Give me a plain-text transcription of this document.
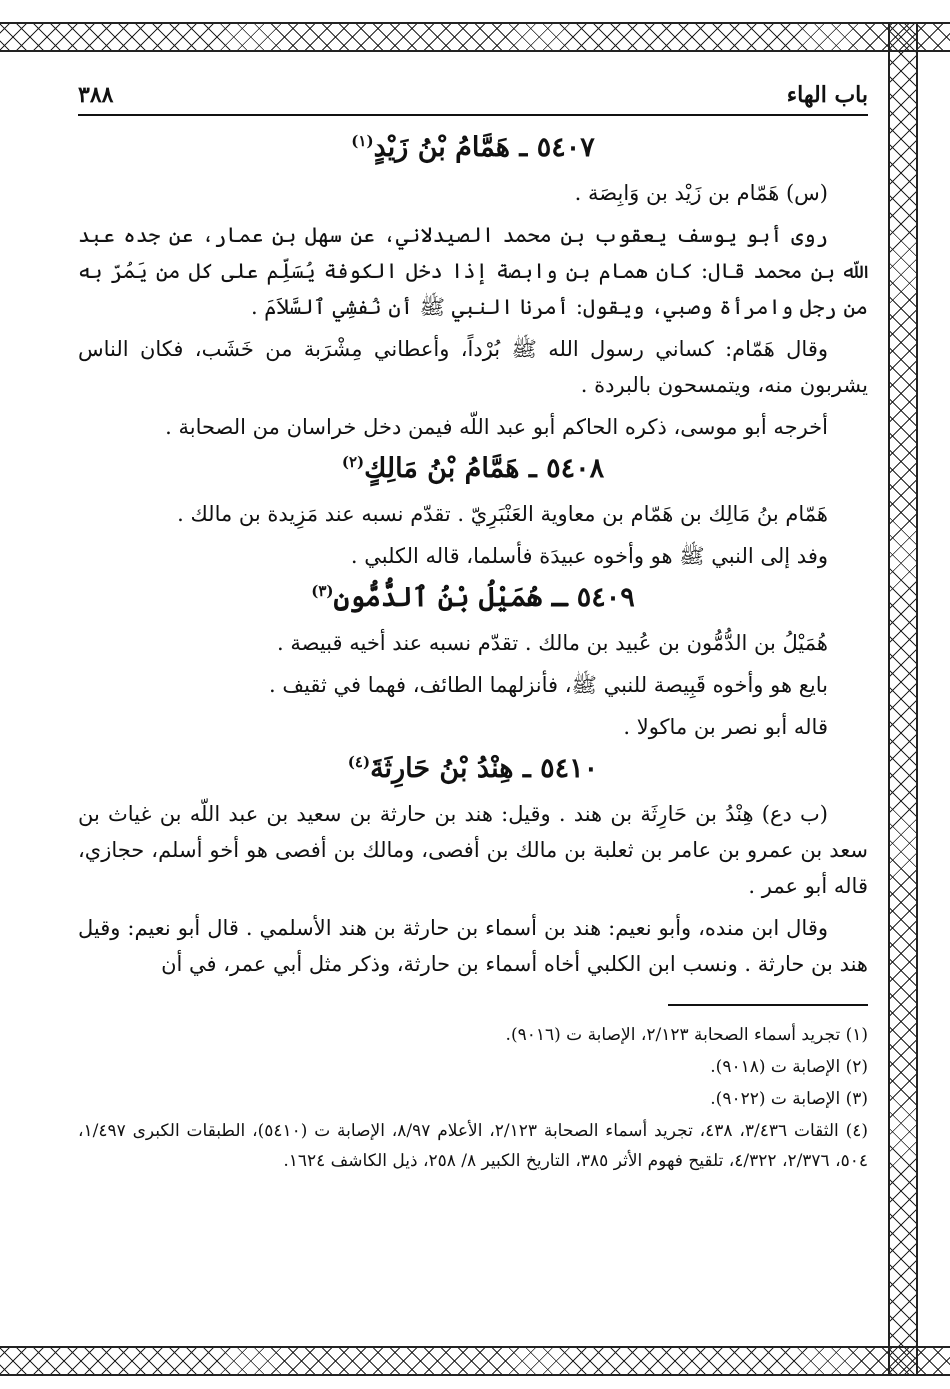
باب الهاء
٣٨٨
٥٤٠٧ ـ هَمَّامُ بْنُ زَيْدٍ$^{(١)}$

(س) هَمّام بن زَيْد بن وَابِصَة .

روى أبو يوسف يعقوب بن محمد الصيدلاني، عن سهل بن عمار، عن جده عبد اللّه بن محمد قال: كان همام بن وابصة إذا دخل الكوفة يُسَلِّم على كل من يَمُرّ به من رجل وامرأة وصبي، ويقول: أمرنا النبي ﷺ أن نُفشِي ٱلسَّلاَمَ .

وقال هَمّام: كساني رسول الله ﷺ بُرْداً، وأعطاني مِشْرَبة من خَشَب، فكان الناس يشربون منه، ويتمسحون بالبردة .

أخرجه أبو موسى، ذكره الحاكم أبو عبد اللّه فيمن دخل خراسان من الصحابة .

٥٤٠٨ ـ هَمَّامُ بْنُ مَالِكٍ$^{(٢)}$

هَمّام بنُ مَالِك بن هَمّام بن معاوية العَنْبَرِيّ . تقدّم نسبه عند مَزِيدة بن مالك .

وفد إلى النبي ﷺ هو وأخوه عبيدَة فأسلما، قاله الكلبي .

٥٤٠٩ ـ هُمَيْلُ بْنُ ٱلدُّمُّونِ$^{(٣)}$

هُمَيْلُ بن الدُّمُّون بن عُبيد بن مالك . تقدّم نسبه عند أخيه قبيصة .

بايع هو وأخوه قَبِيصة للنبي ﷺ، فأنزلهما الطائف، فهما في ثقيف .

قاله أبو نصر بن ماكولا .

٥٤١٠ ـ هِنْدُ بْنُ حَارِثَةَ$^{(٤)}$

(ب دع) هِنْدُ بن حَارِثَة بن هند . وقيل: هند بن حارثة بن سعيد بن عبد اللّه بن غياث بن سعد بن عمرو بن عامر بن ثعلبة بن مالك بن أفصى، ومالك بن أفصى هو أخو أسلم، حجازي، قاله أبو عمر .

وقال ابن منده، وأبو نعيم: هند بن أسماء بن حارثة بن هند الأسلمي . قال أبو نعيم: وقيل هند بن حارثة . ونسب ابن الكلبي أخاه أسماء بن حارثة، وذكر مثل أبي عمر، في أن

(١) تجريد أسماء الصحابة ٢/١٢٣، الإصابة ت (٩٠١٦).

(٢) الإصابة ت (٩٠١٨).

(٣) الإصابة ت (٩٠٢٢).

(٤) الثقات ٣/٤٣٦، ٤٣٨، تجريد أسماء الصحابة ٢/١٢٣، الأعلام ٨/٩٧، الإصابة ت (٥٤١٠)، الطبقات الكبرى ١/٤٩٧، ٥٠٤، ٢/٣٧٦، ٤/٣٢٢، تلقيح فهوم الأثر ٣٨٥، التاريخ الكبير ٨/ ٢٥٨، ذيل الكاشف ١٦٢٤.
